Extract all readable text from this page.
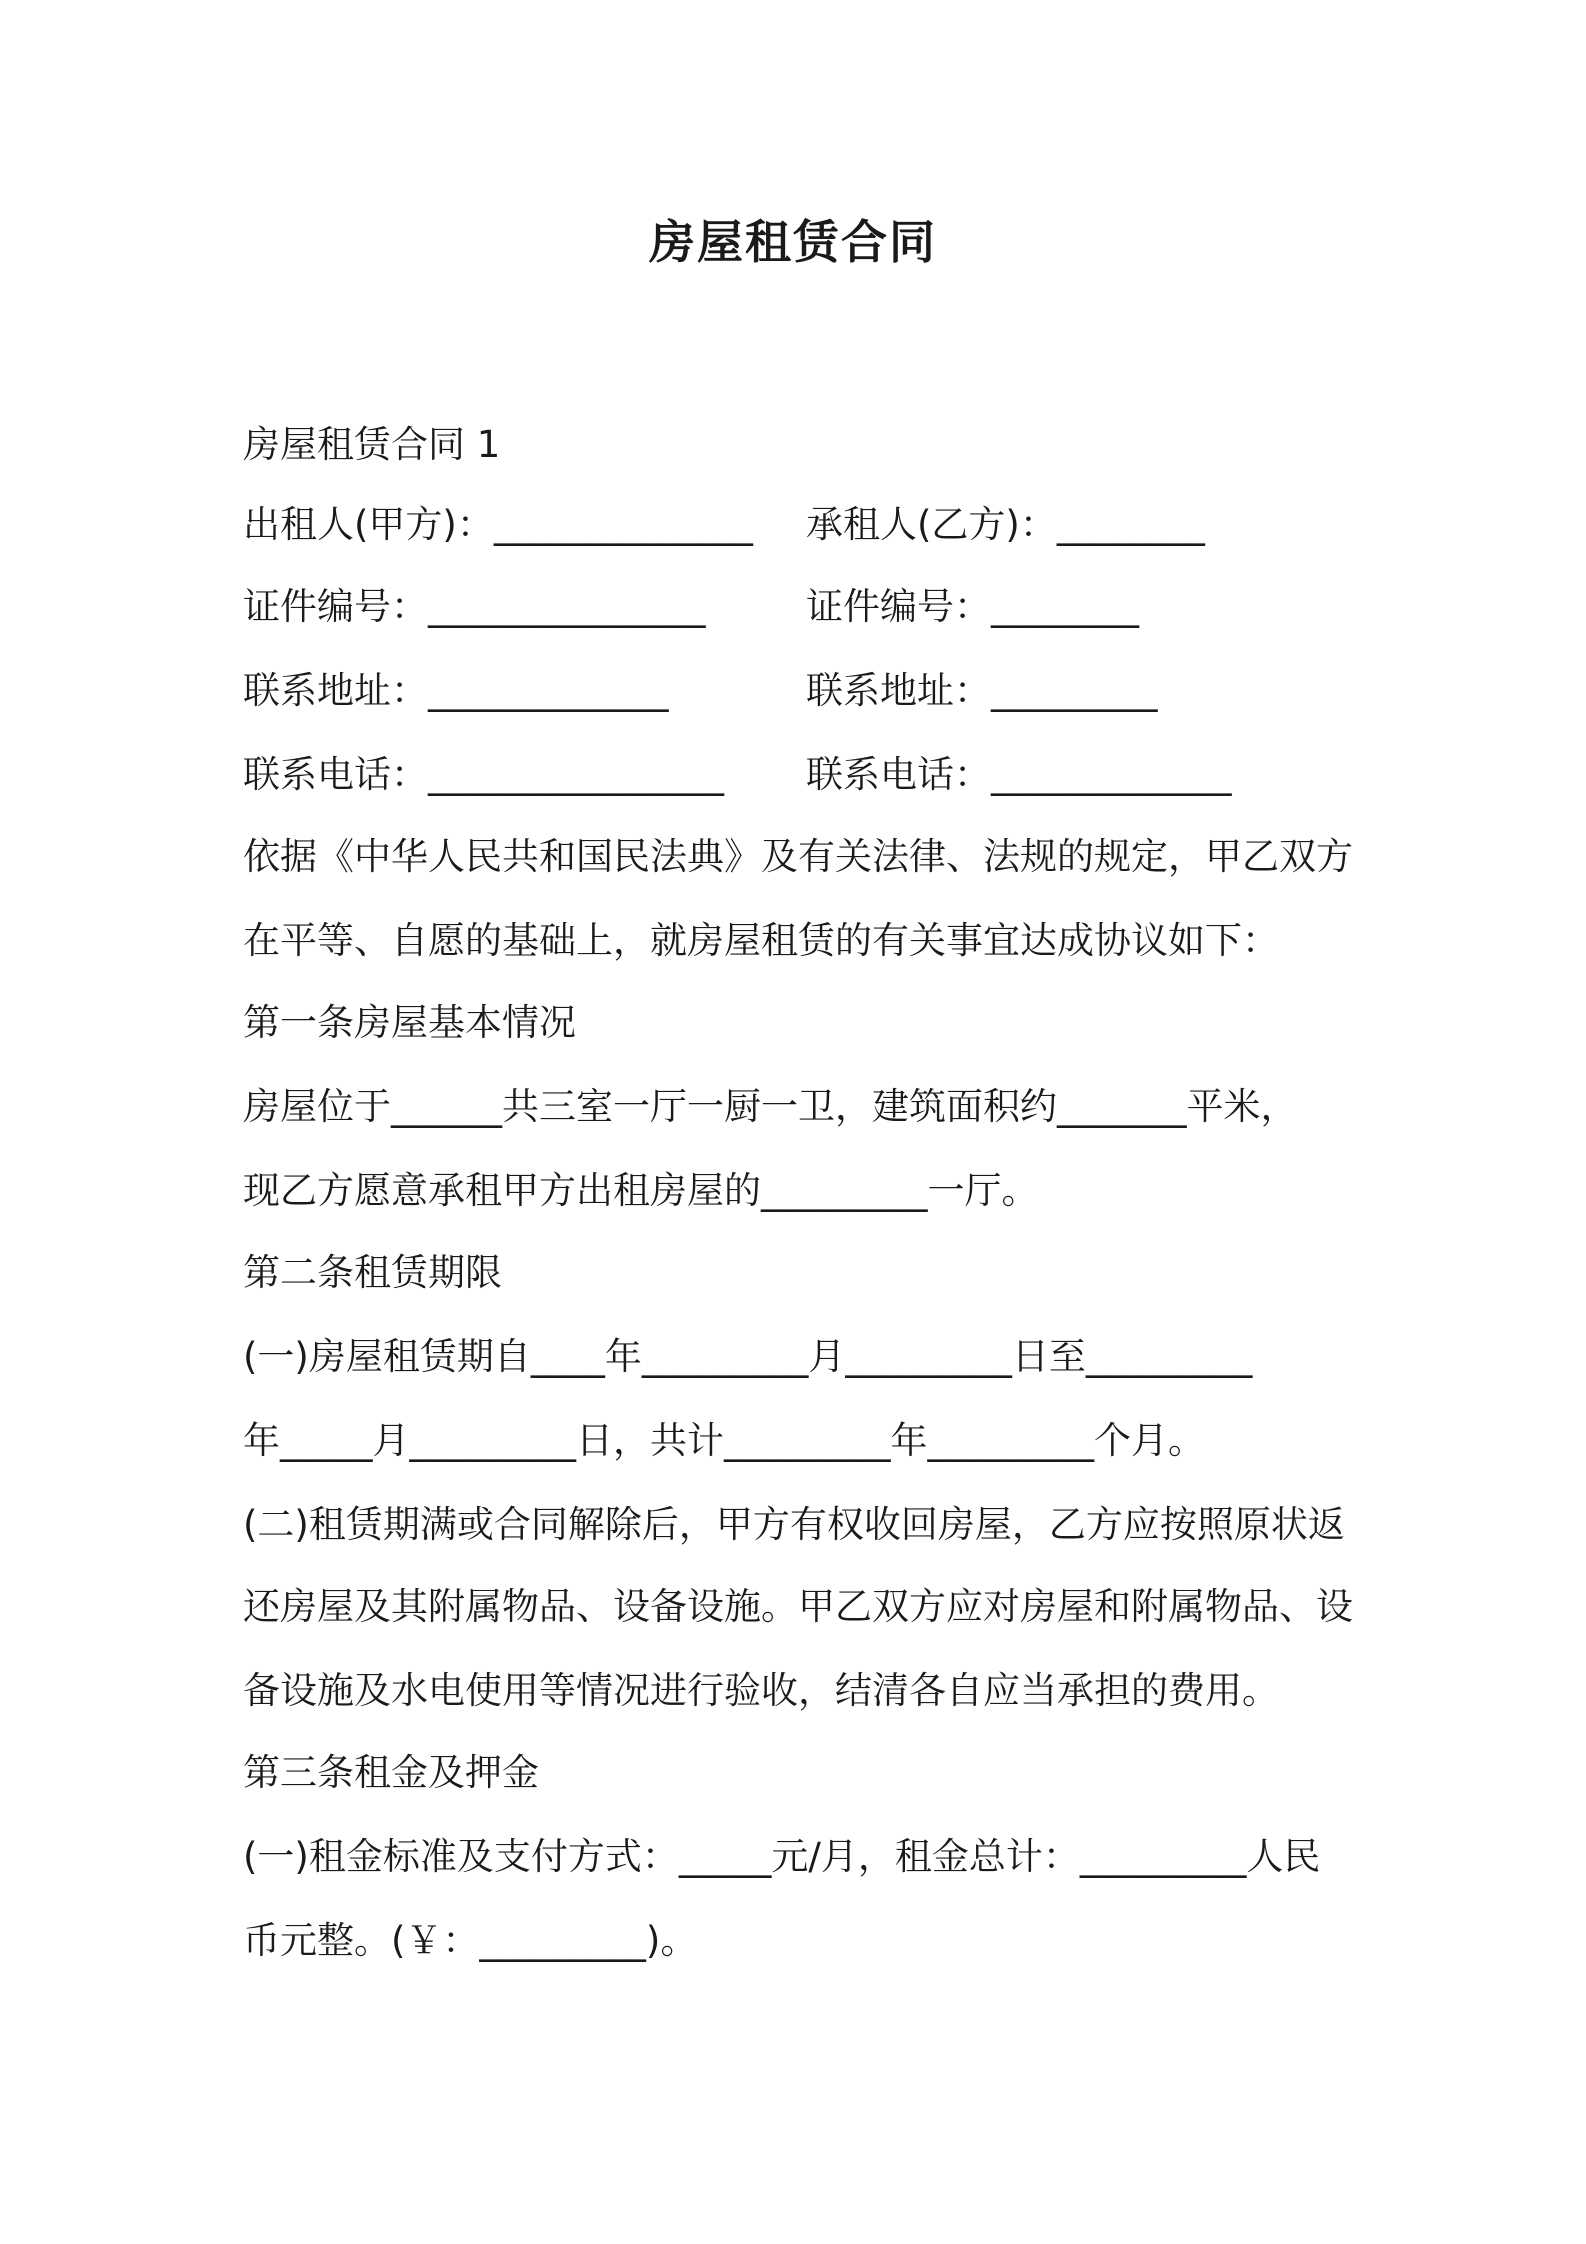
房屋租赁合同
房屋租赁合同 1
出租人(甲方)：______________ 承租人(乙方)：________
证件编号：_______________	证件编号：________
联系地址：_____________	联系地址：_________
联系电话：________________ 联系电话：_____________
依据《中华人民共和国民法典》及有关法律、法规的规定，甲乙双方
在平等、自愿的基础上，就房屋租赁的有关事宜达成协议如下：
第一条房屋基本情况
房屋位于______共三室一厅一厨一卫，建筑面积约_______平米，
现乙方愿意承租甲方出租房屋的_________一厅。
第二条租赁期限
(一)房屋租赁期自____年_________月_________日至_________
年_____月_________日，共计_________年_________个月。
(二)租赁期满或合同解除后，甲方有权收回房屋，乙方应按照原状返
还房屋及其附属物品、设备设施。甲乙双方应对房屋和附属物品、设
备设施及水电使用等情况进行验收，结清各自应当承担的费用。
第三条租金及押金
(一)租金标准及支付方式：_____元/月，租金总计：_________人民
币元整。(￥：_________)。
